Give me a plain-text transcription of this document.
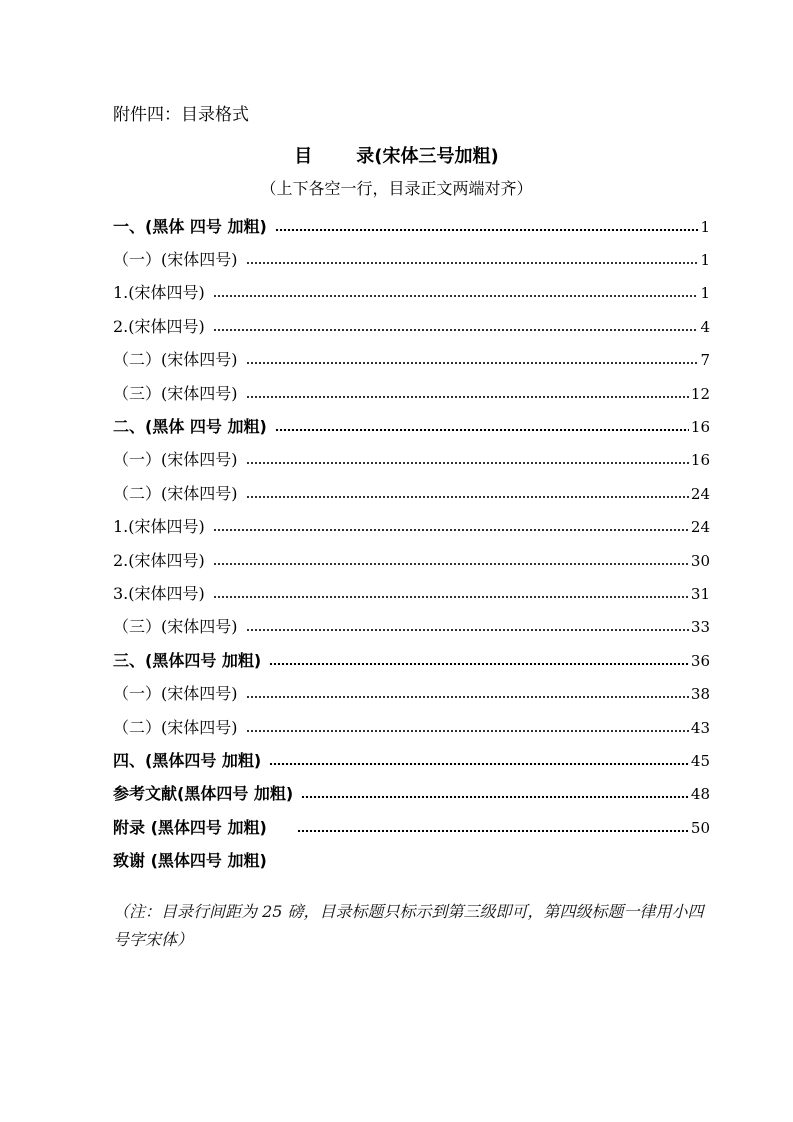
附件四：目录格式
目 录(宋体三号加粗)
（上下各空一行，目录正文两端对齐）
一、(黑体 四号 加粗)	1
（一）(宋体四号)	1
1.(宋体四号)	1
2.(宋体四号)	4
（二）(宋体四号)	7
（三）(宋体四号)	12
二、(黑体 四号 加粗)	16
（一）(宋体四号)	16
（二）(宋体四号)	24
1.(宋体四号)	24
2.(宋体四号)	30
3.(宋体四号)	31
（三）(宋体四号)	33
三、(黑体四号 加粗)	36
（一）(宋体四号)	38
（二）(宋体四号)	43
四、(黑体四号 加粗)	45
参考文献(黑体四号 加粗)	48
附录 (黑体四号 加粗)	50
致谢 (黑体四号 加粗)
（注：目录行间距为 25 磅，目录标题只标示到第三级即可，第四级标题一律用小四号字宋体）
